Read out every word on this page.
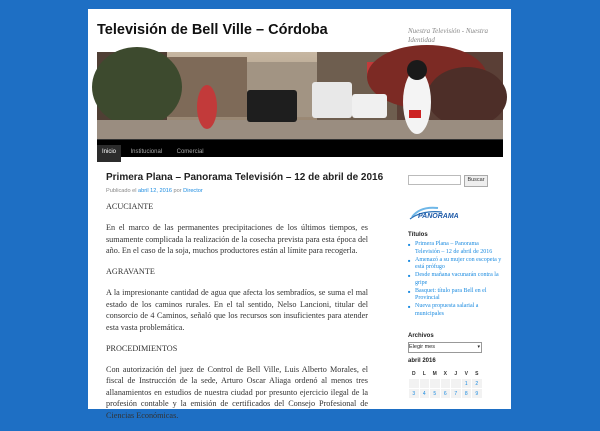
Televisión de Bell Ville – Córdoba	Nuestra Televisión - Nuestra Identidad
Inicio Institucional Comercial
Primera Plana – Panorama Televisión – 12 de abril de 2016
Publicado el abril 12, 2016 por Director

ACUCIANTE

En el marco de las permanentes precipitaciones de los últimos tiempos, es sumamente complicada la realización de la cosecha prevista para esta época del año. En el caso de la soja, muchos productores están al límite para recogerla.

AGRAVANTE

A la impresionante cantidad de agua que afecta los sembradíos, se suma el mal estado de los caminos rurales. En el tal sentido, Nelso Lancioni, titular del consorcio de 4 Caminos, señaló que los recursos son insuficientes para atender esta vasta problemática.

PROCEDIMIENTOS

Con autorización del juez de Control de Bell Ville, Luis Alberto Morales, el fiscal de Instrucción de la sede, Arturo Oscar Aliaga ordenó al menos tres allanamientos en estudios de nuestra ciudad por presunto ejercicio ilegal de la profesión contable y la emisión de certificados del Consejo Profesional de Ciencias Económicas.

Buscar
PANORAMA
Títulos
■ Primera Plana – Panorama Televisión – 12 de abril de 2016
■ Amenazó a su mujer con escopeta y está prófugo
■ Desde mañana vacunarán contra la gripe
■ Basquet: título para Bell en el Provincial
■ Nueva propuesta salarial a municipales
Archivos
Elegir mes	▾
abril 2016
D	L	M	X	J	V	S
					1	2
3	4	5	6	7	8	9
